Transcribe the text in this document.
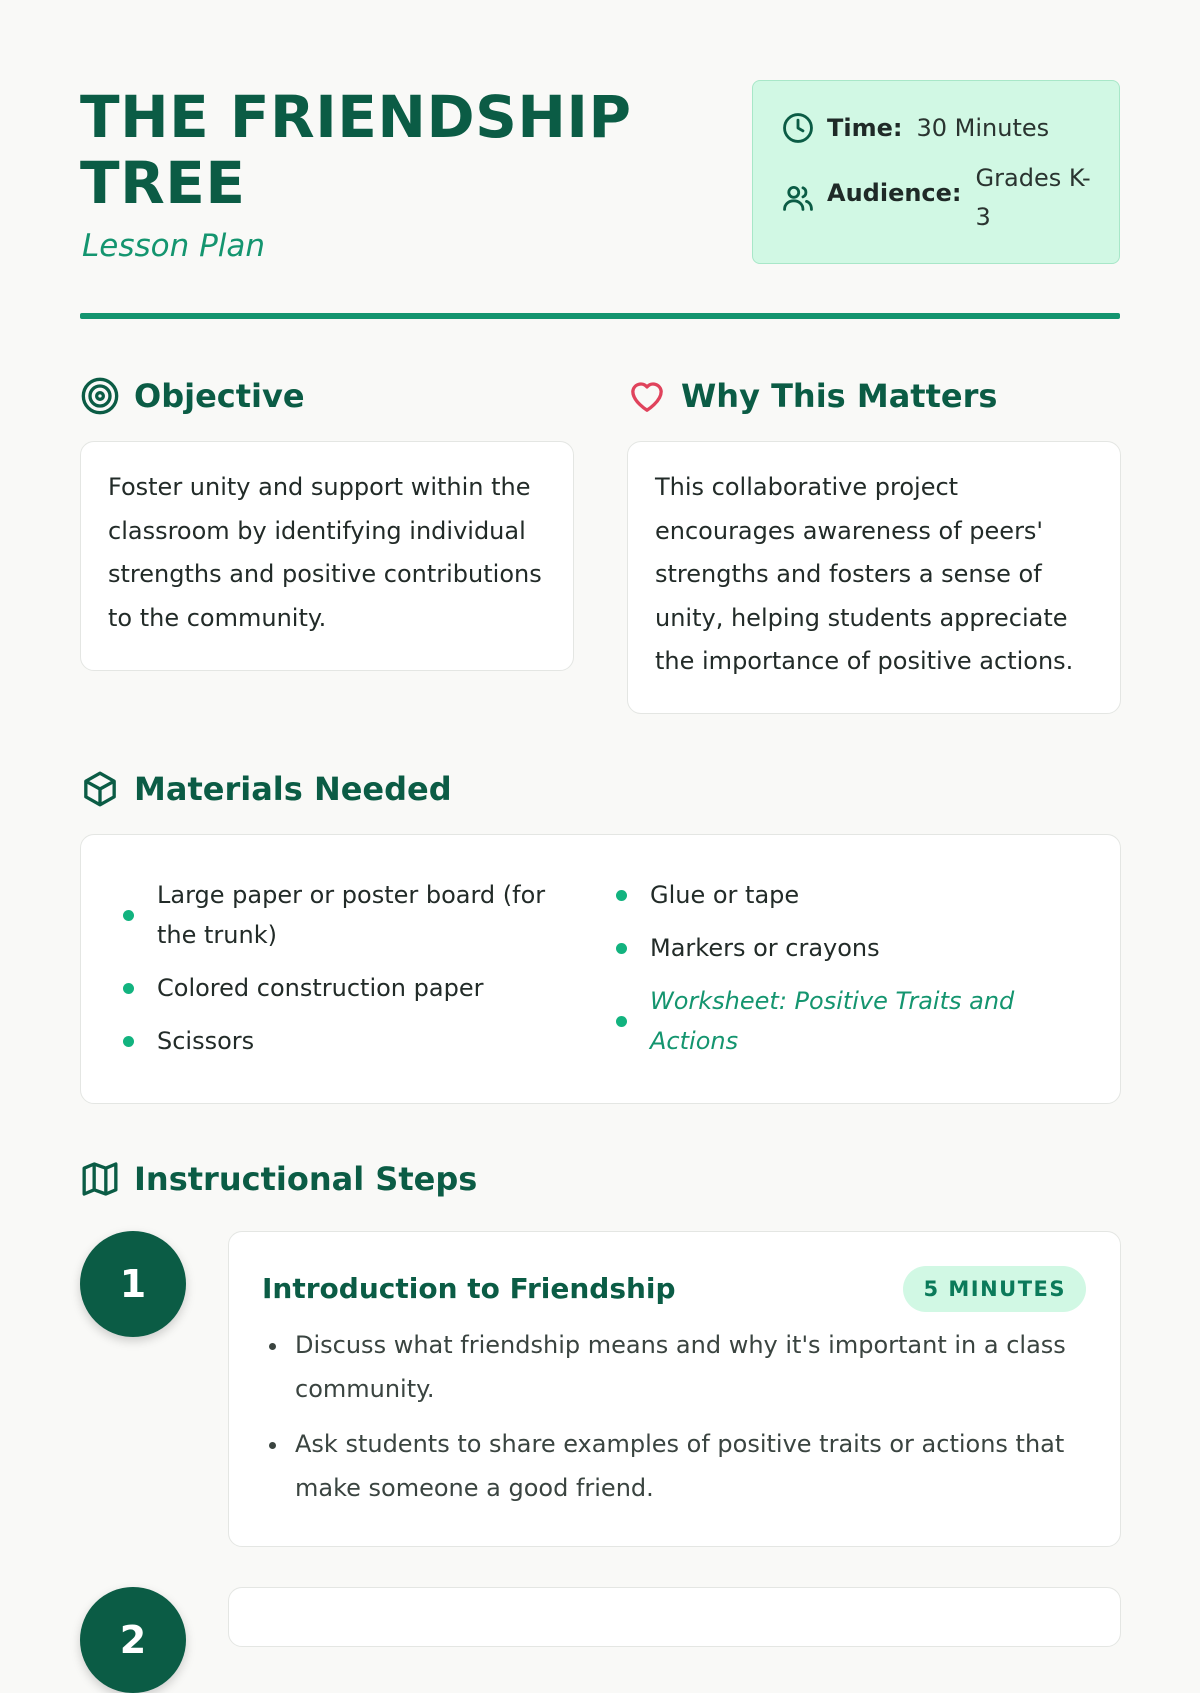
THE FRIENDSHIP TREE
Lesson Plan
Time: 30 Minutes
Audience:
Grades K-3
Objective

Foster unity and support within the classroom by identifying individual strengths and positive contributions to the community.

Why This Matters

This collaborative project encourages awareness of peers' strengths and fosters a sense of unity, helping students appreciate the importance of positive actions.

Materials Needed
Large paper or poster board (for the trunk)
Colored construction paper
Scissors
Glue or tape
Markers or crayons
Worksheet: Positive Traits and Actions
Instructional Steps
1	Introduction to Friendship	5 MINUTES
Discuss what friendship means and why it's important in a class community.
Ask students to share examples of positive traits or actions that make someone a good friend.
2
